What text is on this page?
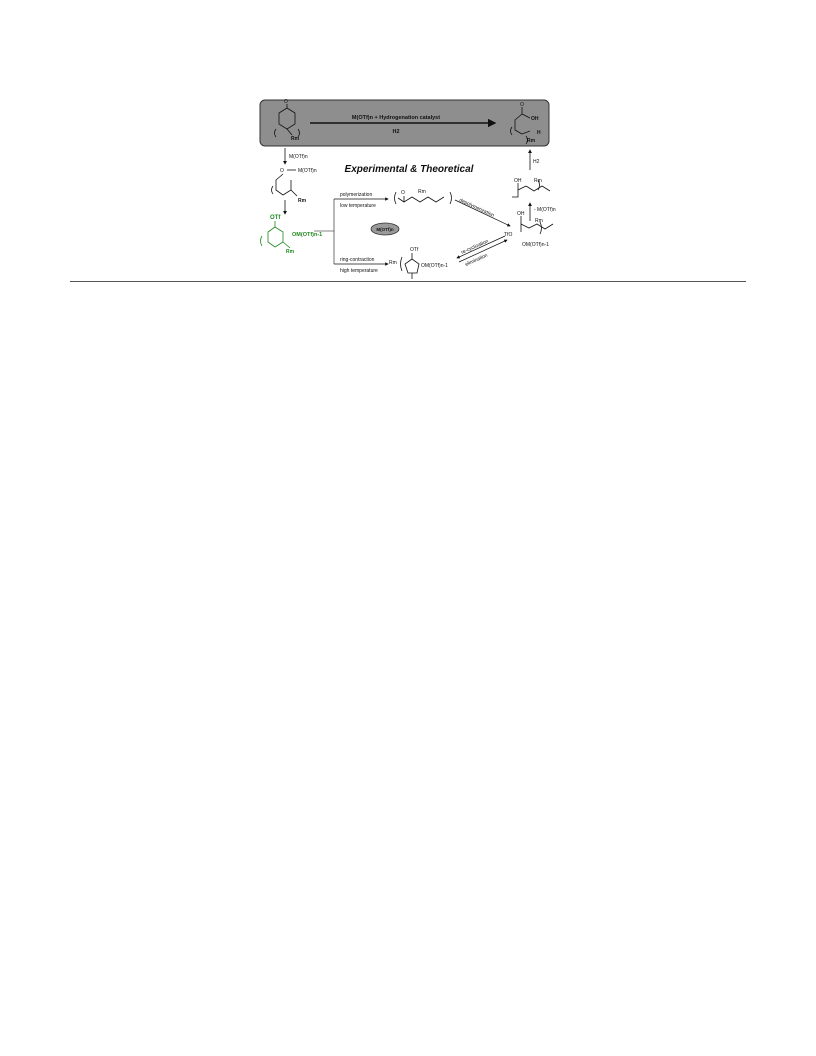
O
Rm
M(OTf)n + Hydrogenation catalyst
H2
O
OH
H
Rm
Experimental & Theoretical
M(OTf)n
O	M(OTf)n
Rm
OTf
OM(OTf)n-1
Rm
polymerization
low temperature
O	Rm
depolymerization
M(OTf)n
ring-contraction
high temperature
OTf
OM(OTf)n-1
Rm
re-cyclization
elimination
H2
OH	Rm
- M(OTf)n
OH
TfO
Rm
OM(OTf)n-1
